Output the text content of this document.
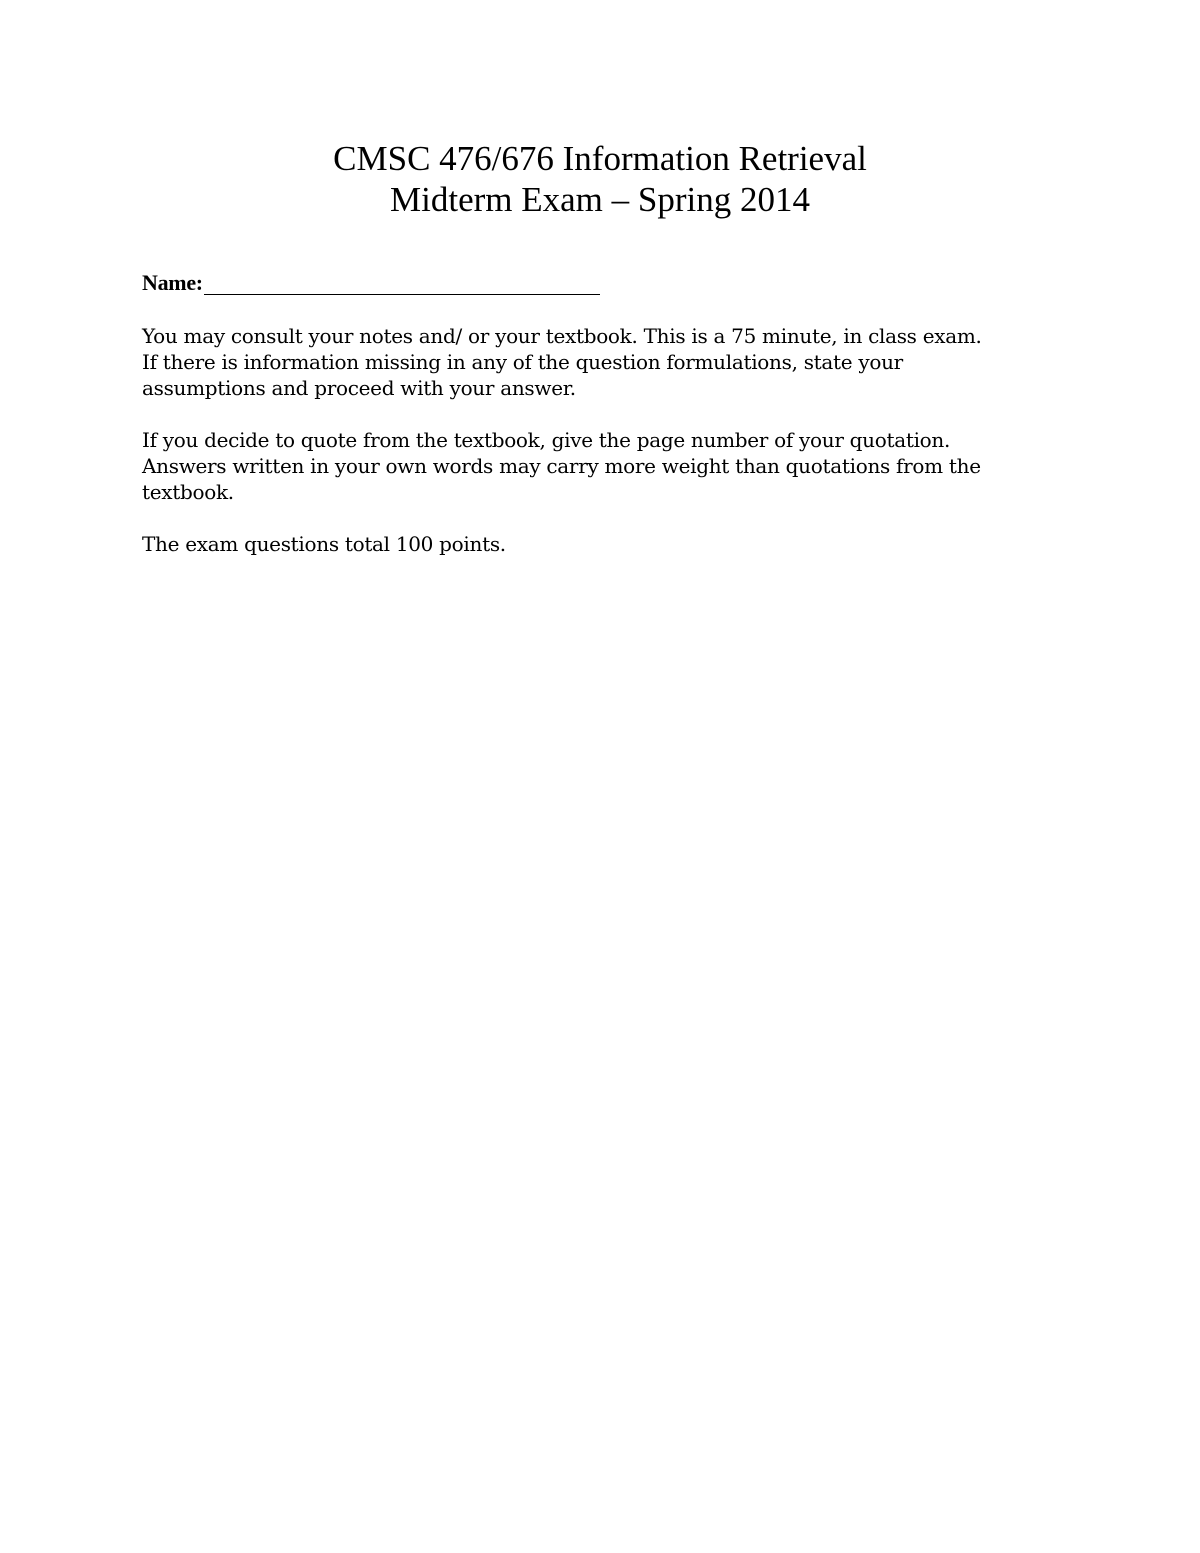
CMSC 476/676 Information Retrieval
Midterm Exam – Spring 2014
Name:
You may consult your notes and/ or your textbook. This is a 75 minute, in class exam.
If there is information missing in any of the question formulations, state your
assumptions and proceed with your answer.
If you decide to quote from the textbook, give the page number of your quotation.
Answers written in your own words may carry more weight than quotations from the
textbook.
The exam questions total 100 points.
